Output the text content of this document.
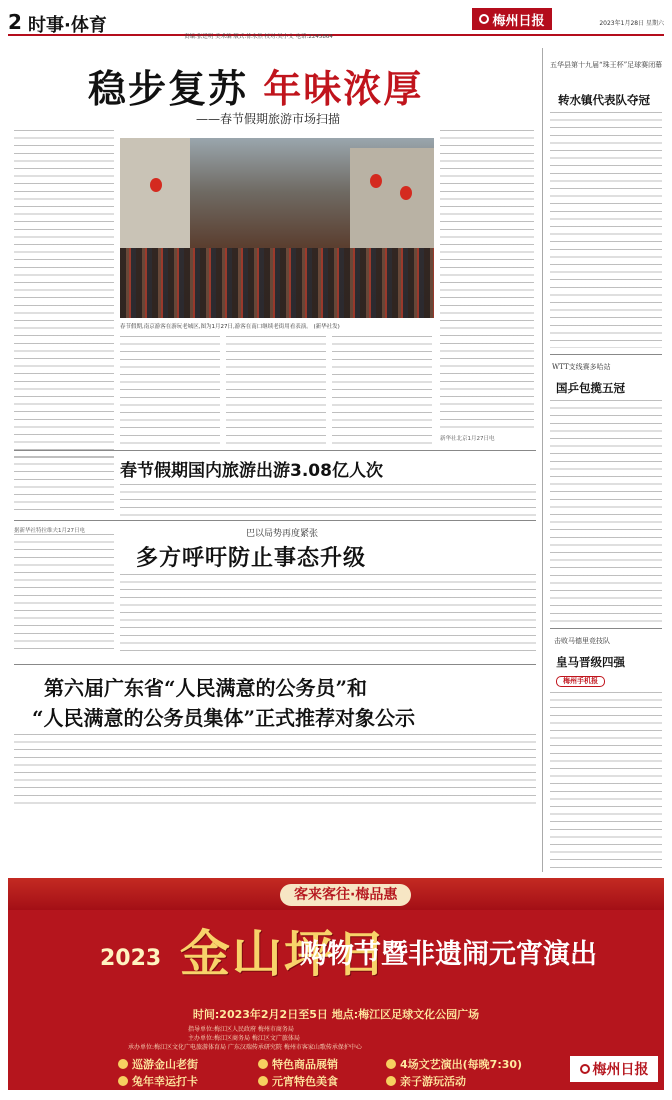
2 时事·体育
责编:张廷明 美术编 版式:徐永然 校对:吴小文 电话:2245864
梅州日报	2023年1月28日 星期六
稳步复苏 年味浓厚
——春节假期旅游市场扫描
春节假期,南京游客在游玩老城区,图为1月27日,游客在南口继续老街用看表演。 (新华社发)
新华社北京1月27日电
春节假期国内旅游出游3.08亿人次
巴以局势再度紧张
多方呼吁防止事态升级
据新华社特拉维夫1月27日电
第六届广东省“人民满意的公务员”和
“人民满意的公务员集体”正式推荐对象公示
五华县第十九届“珠王杯”足球赛闭幕
转水镇代表队夺冠
WTT支线赛多哈站
国乒包揽五冠
击败马德里竞技队
皇马晋级四强
梅州手机报
客来客往·梅品惠
2023 金山坪日
购物节暨非遗闹元宵演出
时间:2023年2月2日至5日 地点:梅江区足球文化公园广场
指导单位:梅江区人民政府 梅州市商务局
主办单位:梅江区商务局 梅江区文广旅体局
承办单位:梅江区文化广电旅游体育局 广东汉瑞传承研究院 梅州市客家山歌传承保护中心
巡游金山老街	特色商品展销	4场文艺演出(每晚7:30)
兔年幸运打卡	元宵特色美食	亲子游玩活动
梅州日报
